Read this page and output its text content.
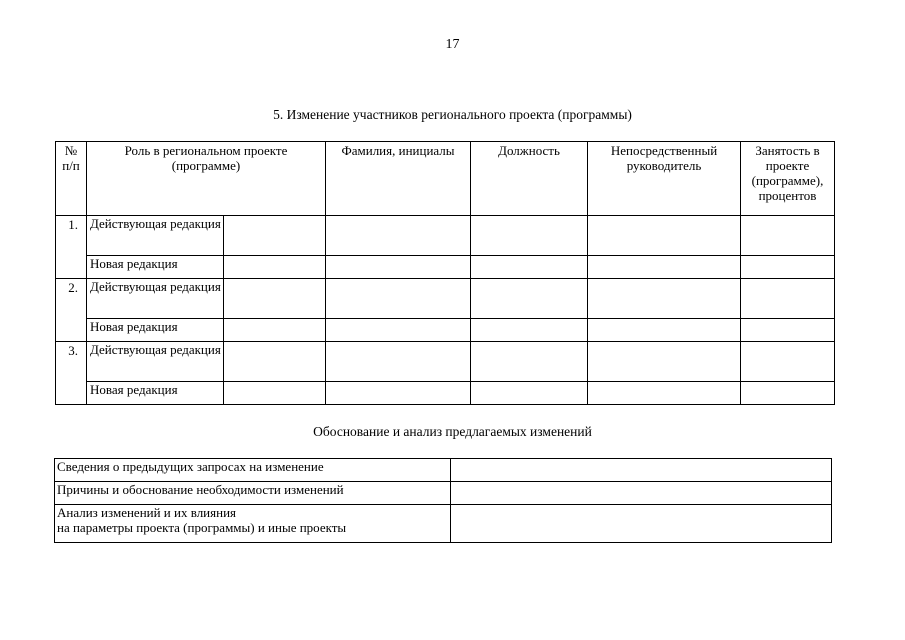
17
5. Изменение участников регионального проекта (программы)
№ п/п	Роль в региональном проекте (программе)		Фамилия, инициалы	Должность	Непосредственный руководитель	Занятость в проекте (программе), процентов
1.	Действующая редакция					
	Новая редакция					
2.	Действующая редакция					
	Новая редакция					
3.	Действующая редакция					
	Новая редакция					
Обоснование и анализ предлагаемых изменений
Сведения о предыдущих запросах на изменение	
Причины и обоснование необходимости изменений	
Анализ изменений и их влияния
на параметры проекта (программы) и иные проекты	
